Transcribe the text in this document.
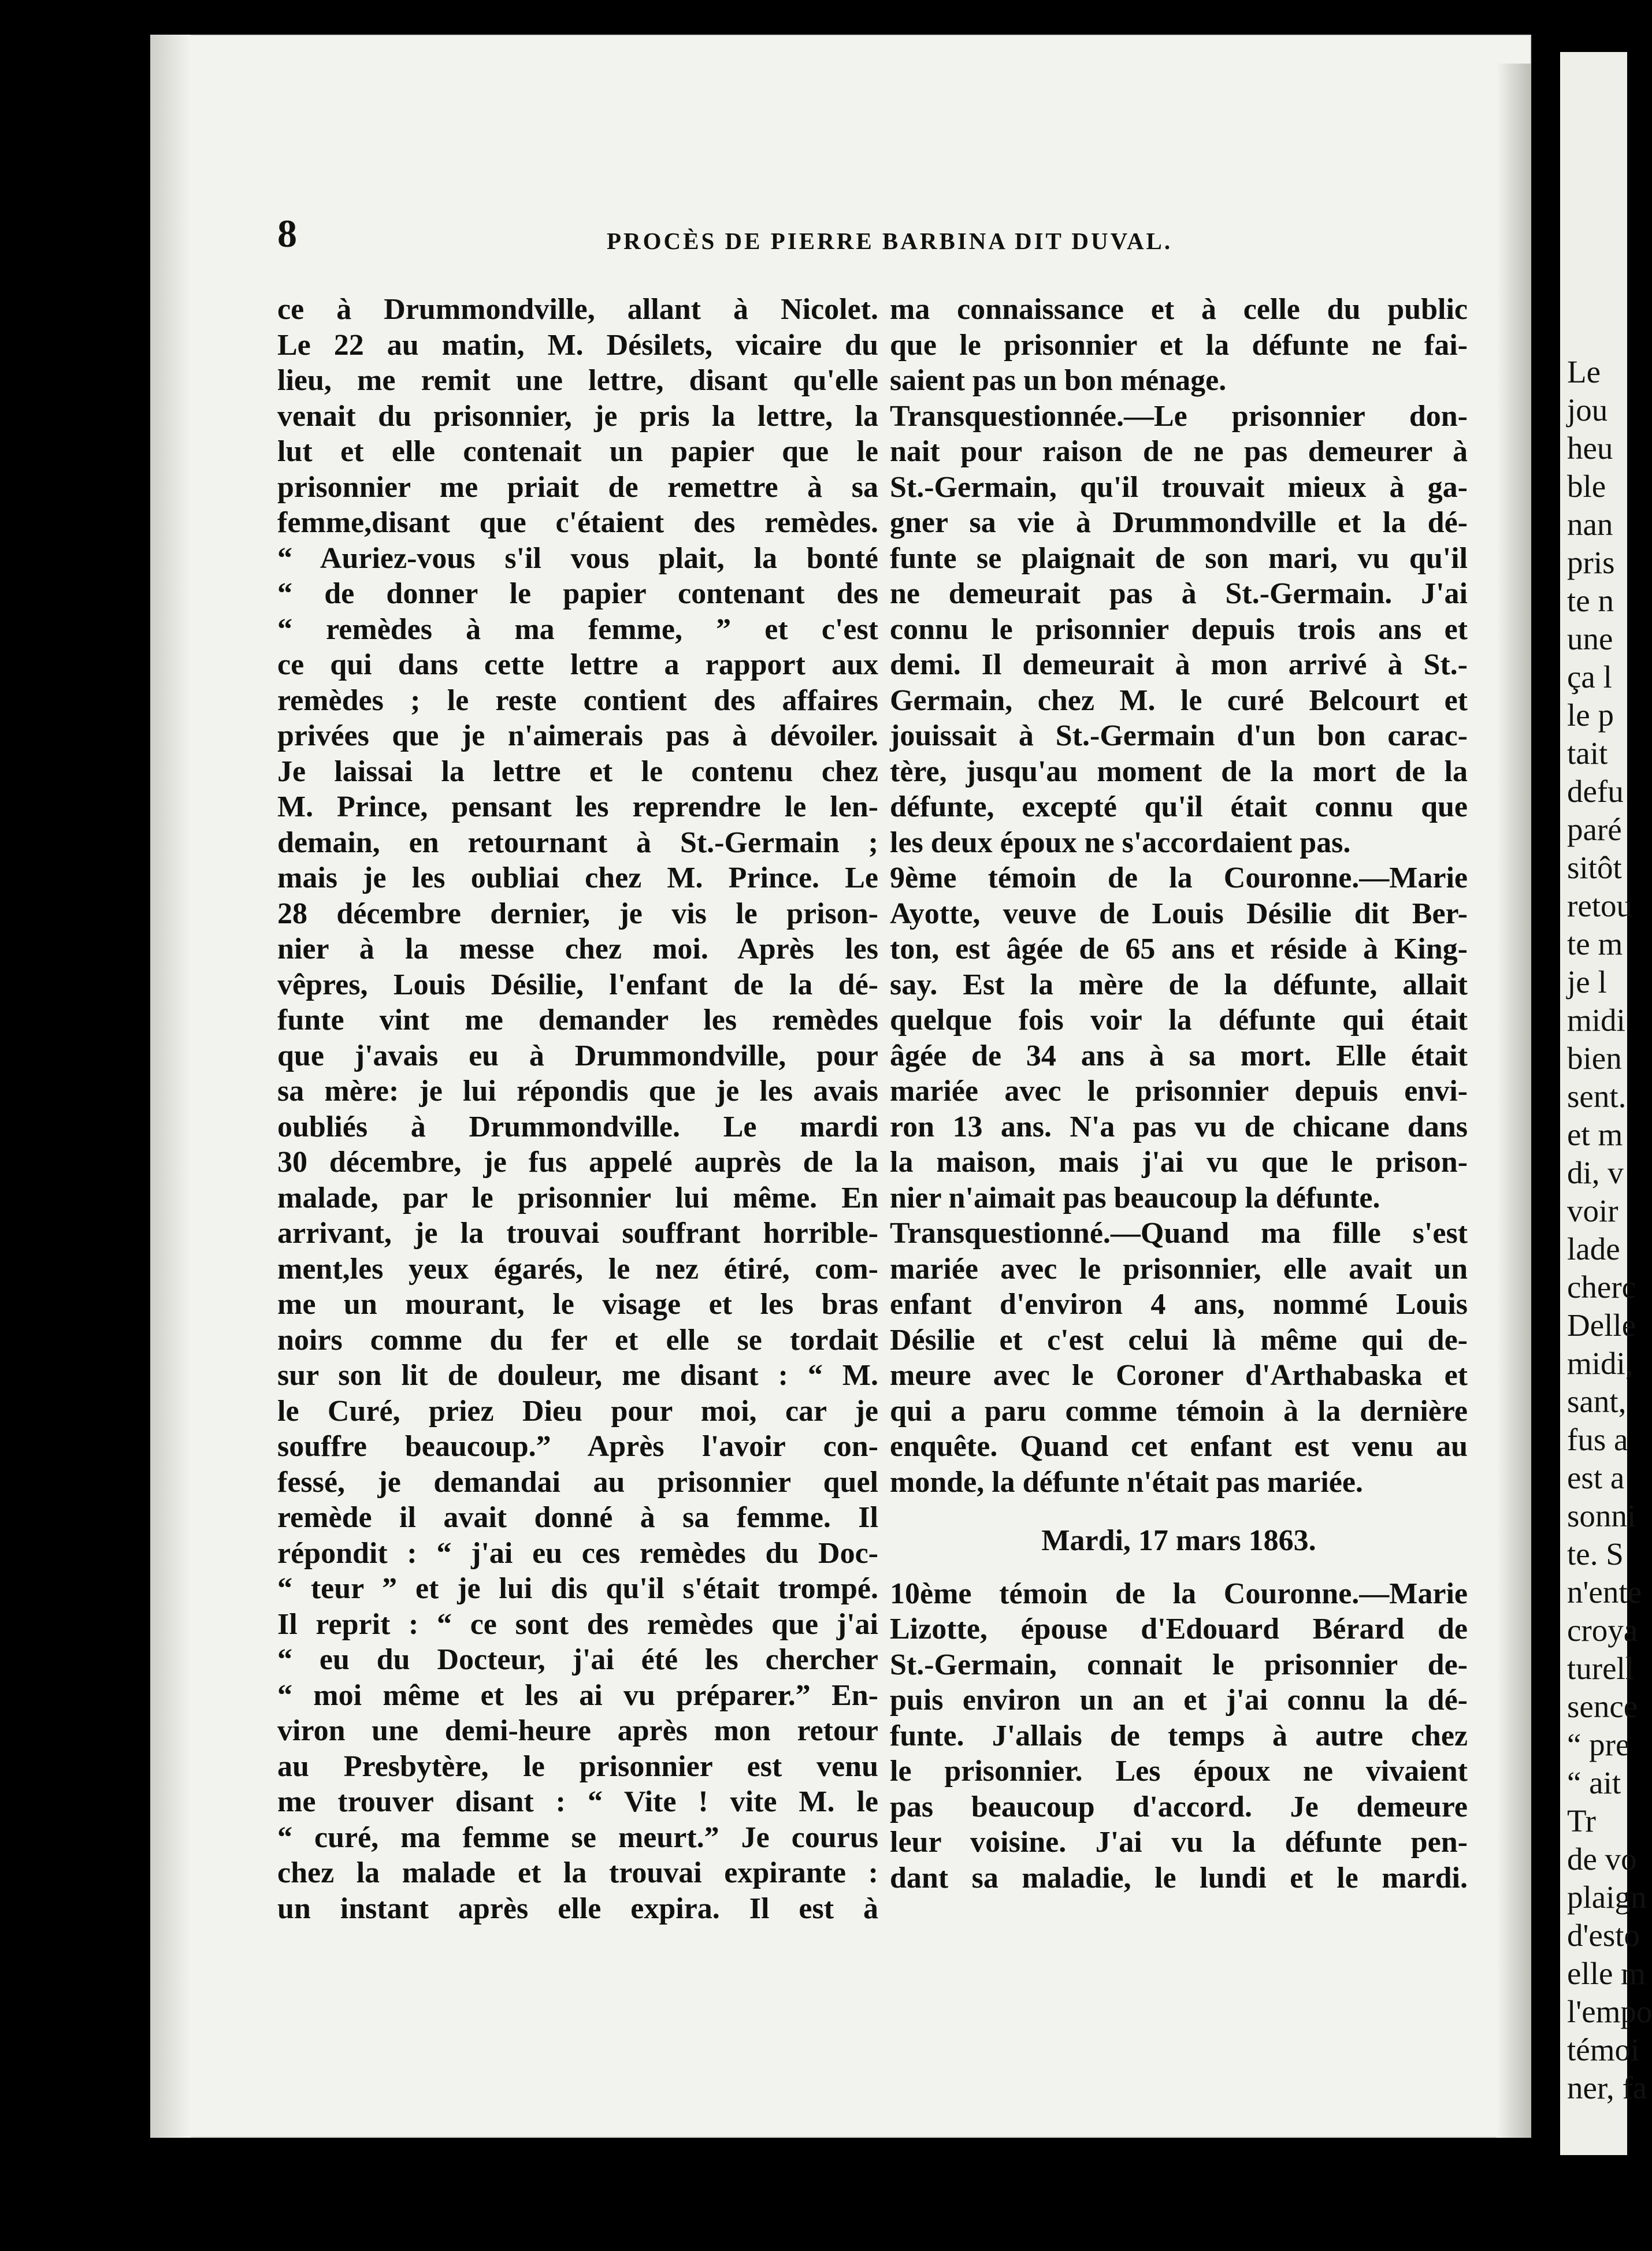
Le
jou
heu
ble
nan
pris
te n
une
ça l
le p
tait
defu
paré
sitôt
retou
te m
je l
midi
bien
sent.
et m
di, v
voir
lade
cherc
Delle
midi,
sant,
fus a
est a
sonni
te. S
n'ente
croya
turell
sence
“ pre
“ ait
Tr
de vo
plaign
d'esto
elle m
l'empo
témoi
ner, fa
8	PROCÈS DE PIERRE BARBINA DIT DUVAL.
ce à Drummondville, allant à Nicolet.
Le 22 au matin, M. Désilets, vicaire du
lieu, me remit une lettre, disant qu'elle
venait du prisonnier, je pris la lettre, la
lut et elle contenait un papier que le
prisonnier me priait de remettre à sa
femme,disant que c'étaient des remèdes.
“ Auriez-vous s'il vous plait, la bonté
“ de donner le papier contenant des
“ remèdes à ma femme, ” et c'est
ce qui dans cette lettre a rapport aux
remèdes ; le reste contient des affaires
privées que je n'aimerais pas à dévoiler.
Je laissai la lettre et le contenu chez
M. Prince, pensant les reprendre le len-
demain, en retournant à St.-Germain ;
mais je les oubliai chez M. Prince. Le
28 décembre dernier, je vis le prison-
nier à la messe chez moi. Après les
vêpres, Louis Désilie, l'enfant de la dé-
funte vint me demander les remèdes
que j'avais eu à Drummondville, pour
sa mère: je lui répondis que je les avais
oubliés à Drummondville. Le mardi
30 décembre, je fus appelé auprès de la
malade, par le prisonnier lui même. En
arrivant, je la trouvai souffrant horrible-
ment,les yeux égarés, le nez étiré, com-
me un mourant, le visage et les bras
noirs comme du fer et elle se tordait
sur son lit de douleur, me disant : “ M.
le Curé, priez Dieu pour moi, car je
souffre beaucoup.” Après l'avoir con-
fessé, je demandai au prisonnier quel
remède il avait donné à sa femme. Il
répondit : “ j'ai eu ces remèdes du Doc-
“ teur ” et je lui dis qu'il s'était trompé.
Il reprit : “ ce sont des remèdes que j'ai
“ eu du Docteur, j'ai été les chercher
“ moi même et les ai vu préparer.” En-
viron une demi-heure après mon retour
au Presbytère, le prisonnier est venu
me trouver disant : “ Vite ! vite M. le
“ curé, ma femme se meurt.” Je courus
chez la malade et la trouvai expirante :
un instant après elle expira. Il est à
ma connaissance et à celle du public
que le prisonnier et la défunte ne fai-
saient pas un bon ménage.
Transquestionnée.—Le prisonnier don-
nait pour raison de ne pas demeurer à
St.-Germain, qu'il trouvait mieux à ga-
gner sa vie à Drummondville et la dé-
funte se plaignait de son mari, vu qu'il
ne demeurait pas à St.-Germain. J'ai
connu le prisonnier depuis trois ans et
demi. Il demeurait à mon arrivé à St.-
Germain, chez M. le curé Belcourt et
jouissait à St.-Germain d'un bon carac-
tère, jusqu'au moment de la mort de la
défunte, excepté qu'il était connu que
les deux époux ne s'accordaient pas.
9ème témoin de la Couronne.—Marie
Ayotte, veuve de Louis Désilie dit Ber-
ton, est âgée de 65 ans et réside à King-
say. Est la mère de la défunte, allait
quelque fois voir la défunte qui était
âgée de 34 ans à sa mort. Elle était
mariée avec le prisonnier depuis envi-
ron 13 ans. N'a pas vu de chicane dans
la maison, mais j'ai vu que le prison-
nier n'aimait pas beaucoup la défunte.
Transquestionné.—Quand ma fille s'est
mariée avec le prisonnier, elle avait un
enfant d'environ 4 ans, nommé Louis
Désilie et c'est celui là même qui de-
meure avec le Coroner d'Arthabaska et
qui a paru comme témoin à la dernière
enquête. Quand cet enfant est venu au
monde, la défunte n'était pas mariée.
Mardi, 17 mars 1863.
10ème témoin de la Couronne.—Marie
Lizotte, épouse d'Edouard Bérard de
St.-Germain, connait le prisonnier de-
puis environ un an et j'ai connu la dé-
funte. J'allais de temps à autre chez
le prisonnier. Les époux ne vivaient
pas beaucoup d'accord. Je demeure
leur voisine. J'ai vu la défunte pen-
dant sa maladie, le lundi et le mardi.
